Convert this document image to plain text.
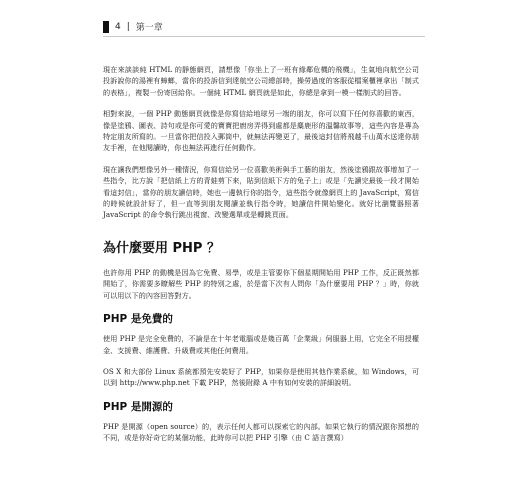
4 | 第一章

現在來談談純 HTML 的靜態網頁，請想像「你坐上了一班有緣鄰危機的飛機」，生氣地向航空公司投訴說你的湯裡有蟑螂，當你的投訴信到達航空公司總部時，操勞過度的客服從檔案櫃裡拿出「制式的表格」，複製一份寄回給你。一個純 HTML 網頁就是如此，你總是拿到一模一樣制式的回答。

相對來說，一個 PHP 動態網頁就像是你寫信給地球另一端的朋友，你可以寫下任何你喜歡的東西，像是塗鴉、圖表、詩句或是你可愛的寶寶把廚房弄得到處都是麋鹿形的溫馨故事等，這些內容是專為特定朋友所寫的。一旦當你把信投入郵筒中，就無法再變更了，最後這封信將飛越千山萬水送達你朋友手裡，在他閱讀時，你也無法再進行任何動作。

現在讓我們想像另外一種情況，你寫信給另一位喜歡美術與手工藝的朋友，然後塗鴉跟故事增加了一些指令，比方說「把信紙上方的青蛙剪下來，貼到信紙下方的兔子上」或是「先讀完最後一段才開始看這封信」，當你的朋友讀信時，她也一邊執行你的指令，這些指令就像網頁上的 JavaScript，寫信的時候就設計好了，但一直等到朋友閱讀並執行指令時，她讀信件開始變化。就好比瀏覽器照著 JavaScript 的命令執行跳出視窗、改變選單或是轉跳頁面。

為什麼要用 PHP ？

也許你用 PHP 的動機是因為它免費、易學，或是主管要你下個星期開始用 PHP 工作，反正既然都開始了，你需要多瞭解些 PHP 的特別之處，於是當下次有人問你「為什麼要用 PHP ？」時，你就可以用以下的內容回答對方。

PHP 是免費的

使用 PHP 是完全免費的，不論是在十年老電腦或是幾百萬「企業級」伺服器上用，它完全不用授權金、支援費、維護費、升級費或其他任何費用。

OS X 和大部份 Linux 系統都預先安裝好了 PHP，如果你是使用其他作業系統，如 Windows，可以到 http://www.php.net 下載 PHP，然後附錄 A 中有如何安裝的詳細說明。

PHP 是開源的

PHP 是開源（open source）的，表示任何人都可以探索它的內部。如果它執行的情況跟你預想的不同，或是你好奇它的某個功能，此時你可以把 PHP 引擎（由 C 語言撰寫）
